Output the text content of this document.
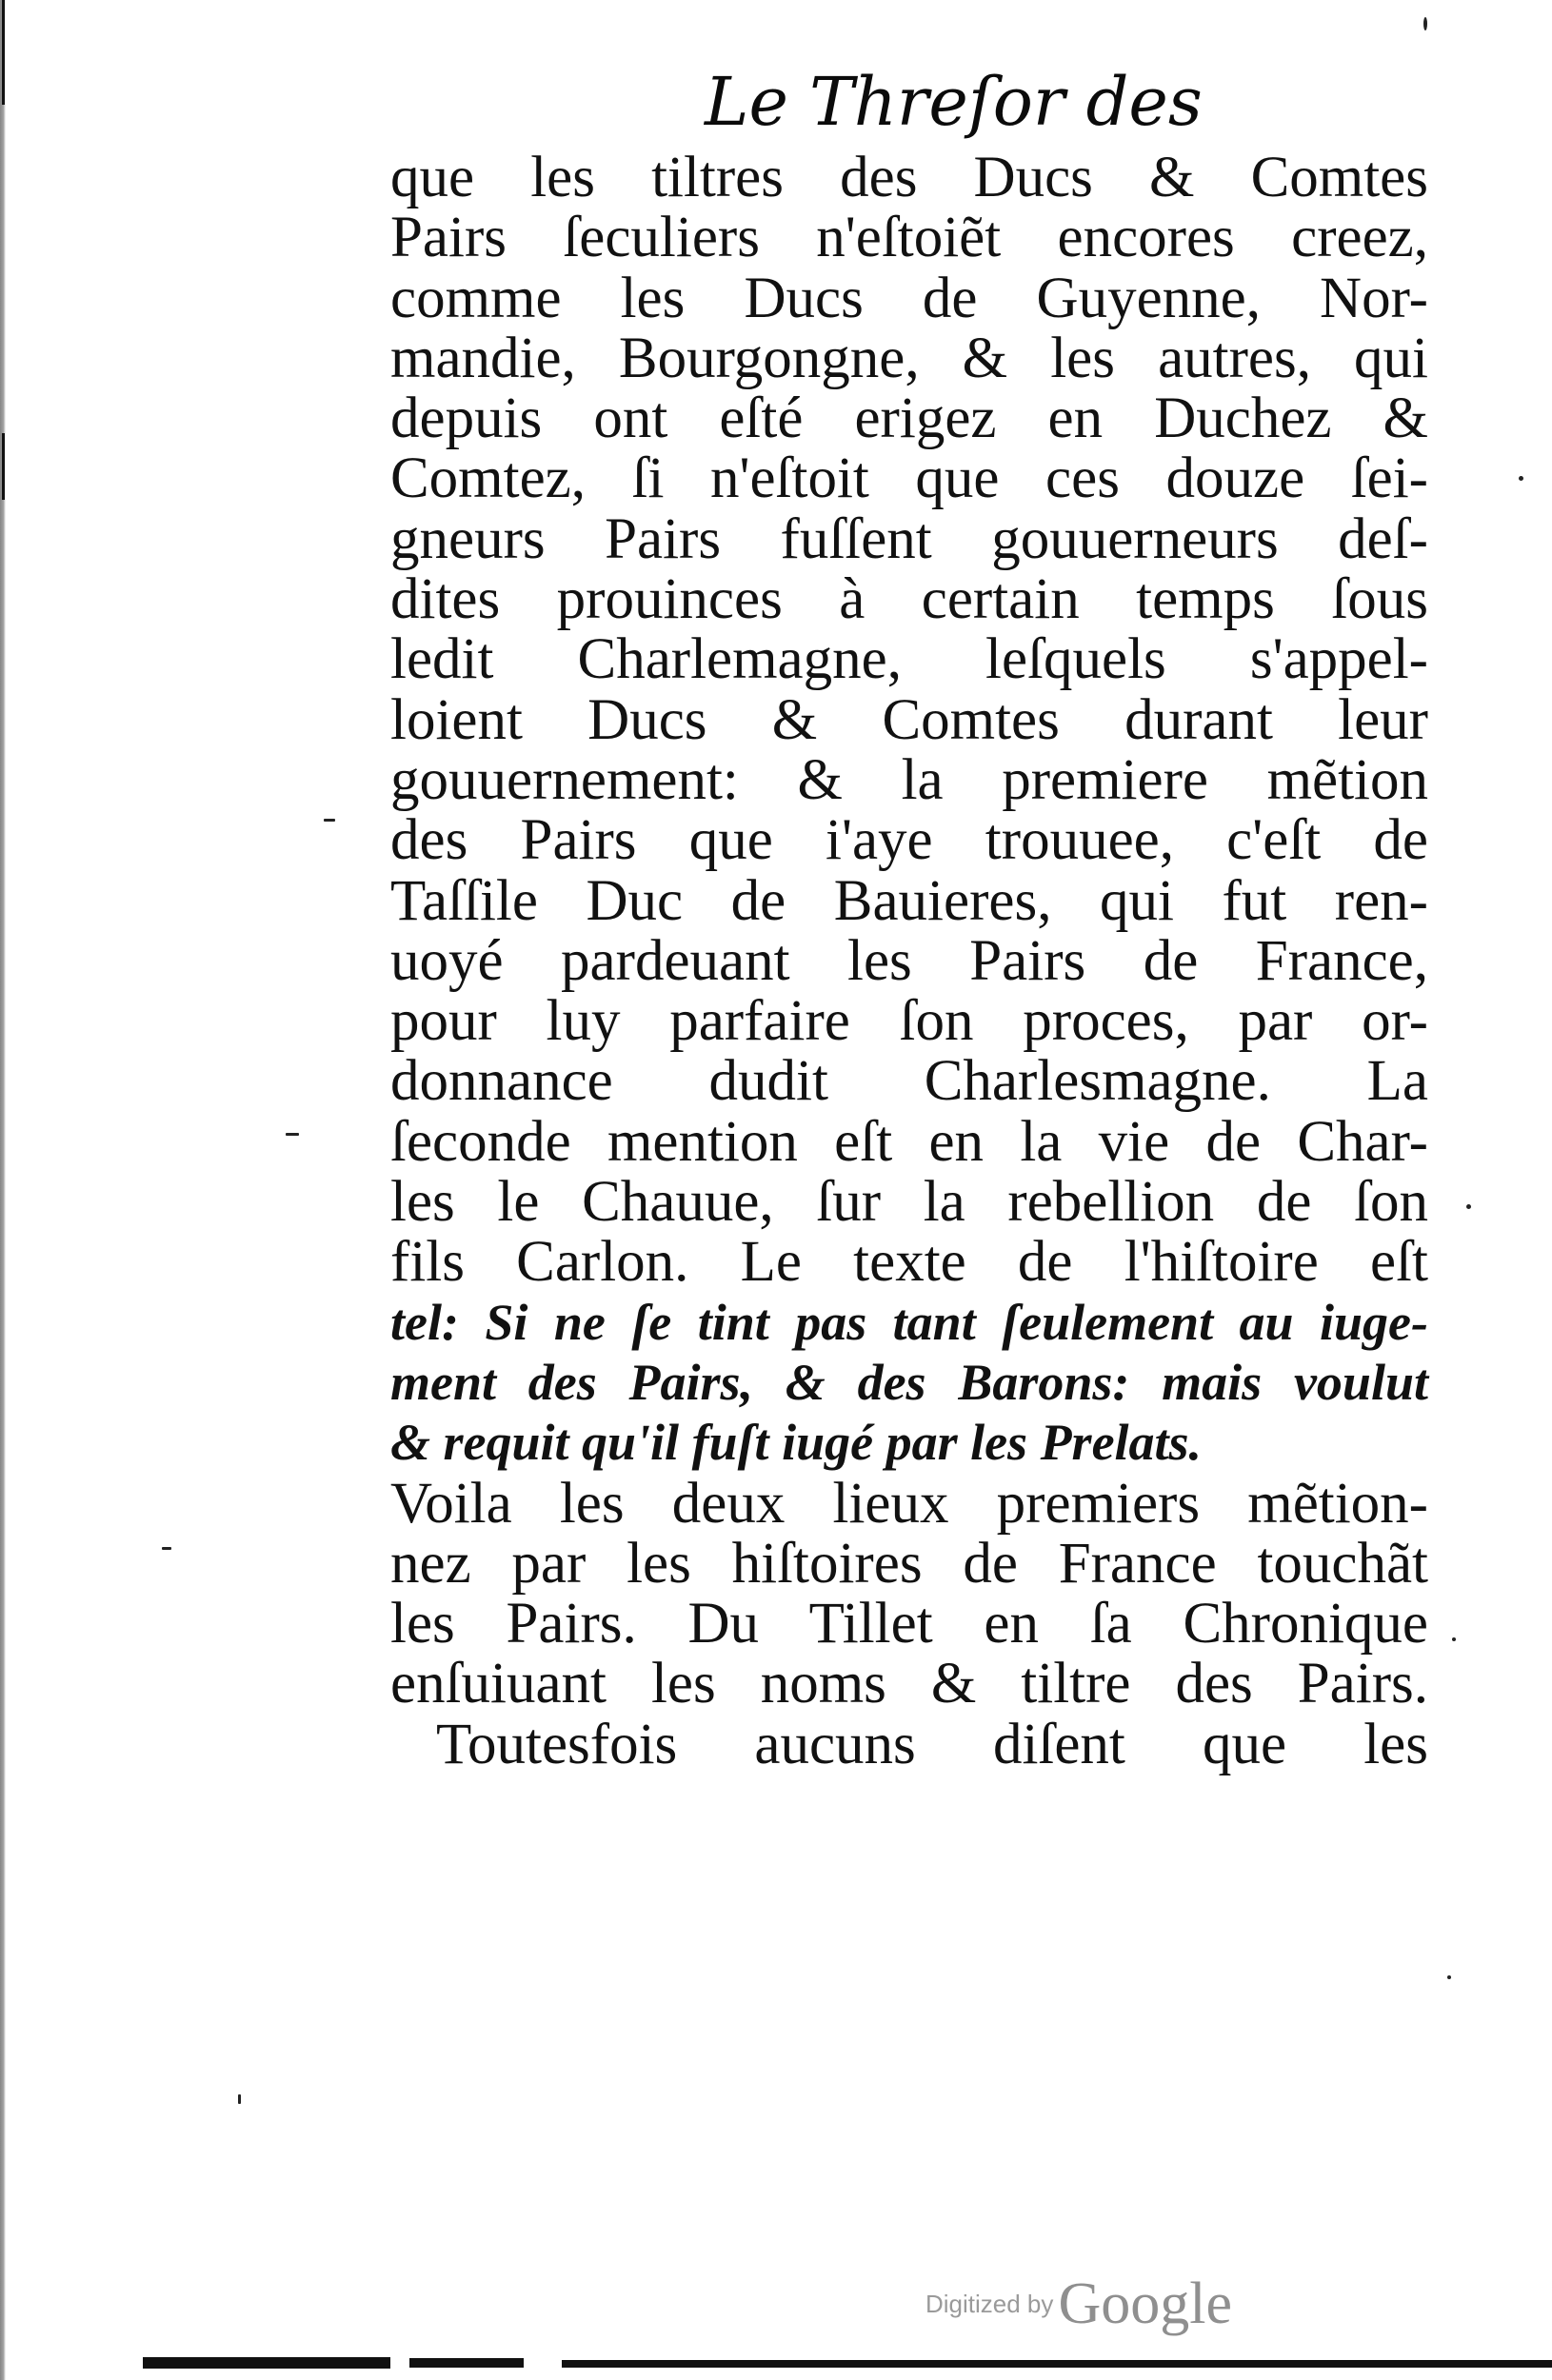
Le Threſor des
que les tiltres des Ducs & Comtes
Pairs ſeculiers n'eſtoiẽt encores creez,
comme les Ducs de Guyenne, Nor-
mandie, Bourgongne, & les autres, qui
depuis ont eſté erigez en Duchez &
Comtez, ſi n'eſtoit que ces douze ſei-
gneurs Pairs fuſſent gouuerneurs deſ-
dites prouinces à certain temps ſous
ledit Charlemagne, leſquels s'appel-
loient Ducs & Comtes durant leur
gouuernement: & la premiere mẽtion
des Pairs que i'aye trouuee, c'eſt de
Taſſile Duc de Bauieres, qui fut ren-
uoyé pardeuant les Pairs de France,
pour luy parfaire ſon proces, par or-
donnance dudit Charlesmagne. La
ſeconde mention eſt en la vie de Char-
les le Chauue, ſur la rebellion de ſon
fils Carlon. Le texte de l'hiſtoire eſt
tel: Si ne ſe tint pas tant ſeulement au iuge-
ment des Pairs, & des Barons: mais voulut
& requit qu'il fuſt iugé par les Prelats.
Voila les deux lieux premiers mẽtion-
nez par les hiſtoires de France touchãt
les Pairs. Du Tillet en ſa Chronique
enſuiuant les noms & tiltre des Pairs.
Toutesfois aucuns diſent que les
Digitized by Google
